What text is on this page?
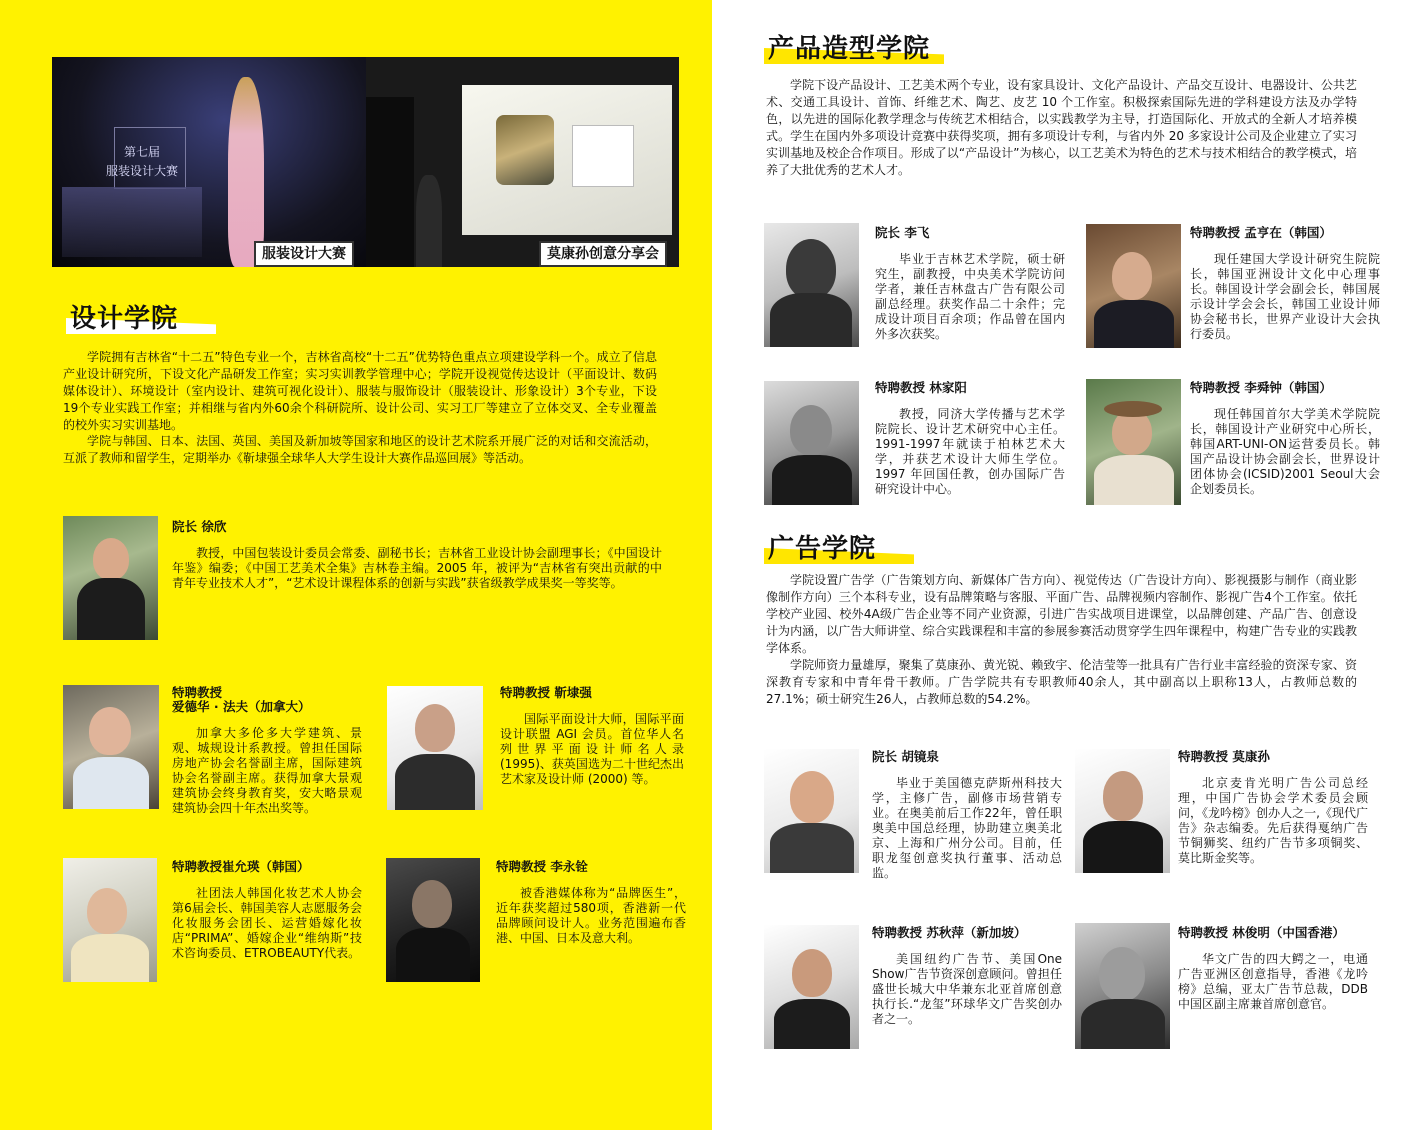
第七届
服装设计大赛
服装设计大赛	莫康孙创意分享会
设计学院

学院拥有吉林省“十二五”特色专业一个，吉林省高校“十二五”优势特色重点立项建设学科一个。成立了信息产业设计研究所，下设文化产品研发工作室；实习实训教学管理中心；学院开设视觉传达设计（平面设计、数码媒体设计）、环境设计（室内设计、建筑可视化设计）、服装与服饰设计（服装设计、形象设计）3个专业，下设19个专业实践工作室；并相继与省内外60余个科研院所、设计公司、实习工厂等建立了立体交叉、全专业覆盖的校外实习实训基地。

学院与韩国、日本、法国、英国、美国及新加坡等国家和地区的设计艺术院系开展广泛的对话和交流活动，互派了教师和留学生，定期举办《靳埭强全球华人大学生设计大赛作品巡回展》等活动。

院长 徐欣

教授，中国包装设计委员会常委、副秘书长；吉林省工业设计协会副理事长；《中国设计年鉴》编委；《中国工艺美术全集》吉林卷主编。2005 年，被评为“吉林省有突出贡献的中青年专业技术人才”，“艺术设计课程体系的创新与实践”获省级教学成果奖一等奖等。

特聘教授
爱德华 · 法夫（加拿大）

加拿大多伦多大学建筑、景观、城规设计系教授。曾担任国际房地产协会名誉副主席，国际建筑协会名誉副主席。获得加拿大景观建筑协会终身教育奖，安大略景观建筑协会四十年杰出奖等。

特聘教授 靳埭强

国际平面设计大师，国际平面设计联盟 AGI 会员。首位华人名列世界平面设计师名人录 (1995)、获英国选为二十世纪杰出艺术家及设计师 (2000) 等。

特聘教授崔允瑛（韩国）

社团法人韩国化妆艺术人协会第6届会长、韩国美容人志愿服务会化妆服务会团长、运营婚嫁化妆店“PRIMA”、婚嫁企业“维纳斯”技术咨询委员、ETROBEAUTY代表。

特聘教授 李永铨

被香港媒体称为“品牌医生”，近年获奖超过580项，香港新一代品牌顾问设计人。业务范围遍布香港、中国、日本及意大利。

产品造型学院

学院下设产品设计、工艺美术两个专业，设有家具设计、文化产品设计、产品交互设计、电器设计、公共艺术、交通工具设计、首饰、纤维艺术、陶艺、皮艺 10 个工作室。积极探索国际先进的学科建设方法及办学特色，以先进的国际化教学理念与传统艺术相结合，以实践教学为主导，打造国际化、开放式的全新人才培养模式。学生在国内外多项设计竞赛中获得奖项，拥有多项设计专利，与省内外 20 多家设计公司及企业建立了实习实训基地及校企合作项目。形成了以“产品设计”为核心，以工艺美术为特色的艺术与技术相结合的教学模式，培养了大批优秀的艺术人才。

院长 李飞

毕业于吉林艺术学院，硕士研究生，副教授，中央美术学院访问学者，兼任吉林盘古广告有限公司副总经理。获奖作品二十余件；完成设计项目百余项；作品曾在国内外多次获奖。

特聘教授 孟亨在（韩国）

现任建国大学设计研究生院院长，韩国亚洲设计文化中心理事长。韩国设计学会副会长，韩国展示设计学会会长，韩国工业设计师协会秘书长，世界产业设计大会执行委员。

特聘教授 林家阳

教授，同济大学传播与艺术学院院长、设计艺术研究中心主任。1991-1997年就读于柏林艺术大学，并获艺术设计大师生学位。1997 年回国任教，创办国际广告研究设计中心。

特聘教授 李舜钟（韩国）

现任韩国首尔大学美术学院院长，韩国设计产业研究中心所长，韩国ART-UNI-ON运营委员长。韩国产品设计协会副会长，世界设计团体协会(ICSID)2001 Seoul大会企划委员长。

广告学院

学院设置广告学（广告策划方向、新媒体广告方向）、视觉传达（广告设计方向）、影视摄影与制作（商业影像制作方向）三个本科专业，设有品牌策略与客服、平面广告、品牌视频内容制作、影视广告4个工作室。依托学校产业园、校外4A级广告企业等不同产业资源，引进广告实战项目进课堂，以品牌创建、产品广告、创意设计为内涵，以广告大师讲堂、综合实践课程和丰富的参展参赛活动贯穿学生四年课程中，构建广告专业的实践教学体系。

学院师资力量雄厚，聚集了莫康孙、黄光锐、赖致宇、伦洁莹等一批具有广告行业丰富经验的资深专家、资深教育专家和中青年骨干教师。广告学院共有专职教师40余人，其中副高以上职称13人，占教师总数的27.1%；硕士研究生26人，占教师总数的54.2%。

院长 胡镜泉

毕业于美国德克萨斯州科技大学，主修广告，副修市场营销专业。在奥美前后工作22年，曾任职奥美中国总经理，协助建立奥美北京、上海和广州分公司。目前，任职龙玺创意奖执行董事、活动总监。

特聘教授 莫康孙

北京麦肯光明广告公司总经理，中国广告协会学术委员会顾问，《龙吟榜》创办人之一,《现代广告》杂志编委。先后获得戛纳广告节铜狮奖、纽约广告节多项铜奖、莫比斯金奖等。

特聘教授 苏秋萍（新加坡）

美国纽约广告节、美国One Show广告节资深创意顾问。曾担任盛世长城大中华兼东北亚首席创意执行长.“龙玺”环球华文广告奖创办者之一。

特聘教授 林俊明（中国香港）

华文广告的四大鳄之一，电通广告亚洲区创意指导，香港《龙吟榜》总编，亚太广告节总裁，DDB中国区副主席兼首席创意官。
